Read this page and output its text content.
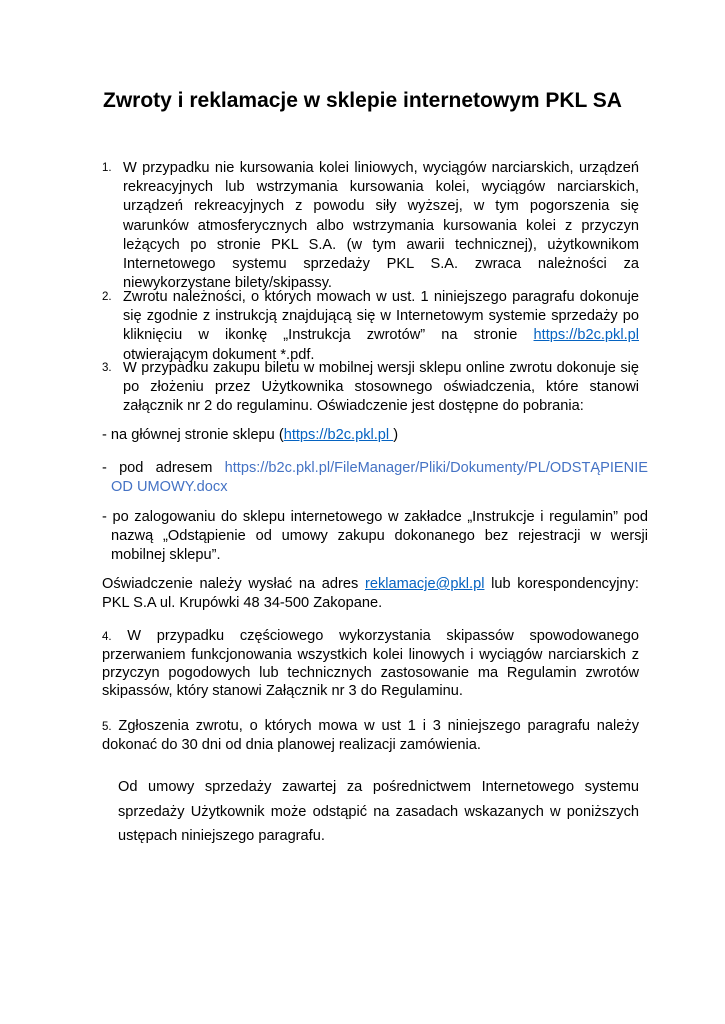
Zwroty i reklamacje w sklepie internetowym PKL SA
1. W przypadku nie kursowania kolei liniowych, wyciągów narciarskich, urządzeń rekreacyjnych lub wstrzymania kursowania kolei, wyciągów narciarskich, urządzeń rekreacyjnych z powodu siły wyższej, w tym pogorszenia się warunków atmosferycznych albo wstrzymania kursowania kolei z przyczyn leżących po stronie PKL S.A. (w tym awarii technicznej), użytkownikom Internetowego systemu sprzedaży PKL S.A. zwraca należności za niewykorzystane bilety/skipassy.
2. Zwrotu należności, o których mowach w ust. 1 niniejszego paragrafu dokonuje się zgodnie z instrukcją znajdującą się w Internetowym systemie sprzedaży po kliknięciu w ikonkę „Instrukcja zwrotów” na stronie https://b2c.pkl.pl otwierającym dokument *.pdf.
3. W przypadku zakupu biletu w mobilnej wersji sklepu online zwrotu dokonuje się po złożeniu przez Użytkownika stosownego oświadczenia, które stanowi załącznik nr 2 do regulaminu. Oświadczenie jest dostępne do pobrania:
- na głównej stronie sklepu (https://b2c.pkl.pl )
- pod adresem https://b2c.pkl.pl/FileManager/Pliki/Dokumenty/PL/ODSTĄPIENIE OD UMOWY.docx
- po zalogowaniu do sklepu internetowego w zakładce „Instrukcje i regulamin” pod nazwą „Odstąpienie od umowy zakupu dokonanego bez rejestracji w wersji mobilnej sklepu”.
Oświadczenie należy wysłać na adres reklamacje@pkl.pl lub korespondencyjny: PKL S.A ul. Krupówki 48 34-500 Zakopane.
4. W przypadku częściowego wykorzystania skipassów spowodowanego przerwaniem funkcjonowania wszystkich kolei linowych i wyciągów narciarskich z przyczyn pogodowych lub technicznych zastosowanie ma Regulamin zwrotów skipassów, który stanowi Załącznik nr 3 do Regulaminu.
5. Zgłoszenia zwrotu, o których mowa w ust 1 i 3 niniejszego paragrafu należy dokonać do 30 dni od dnia planowej realizacji zamówienia.
Od umowy sprzedaży zawartej za pośrednictwem Internetowego systemu sprzedaży Użytkownik może odstąpić na zasadach wskazanych w poniższych ustępach niniejszego paragrafu.
